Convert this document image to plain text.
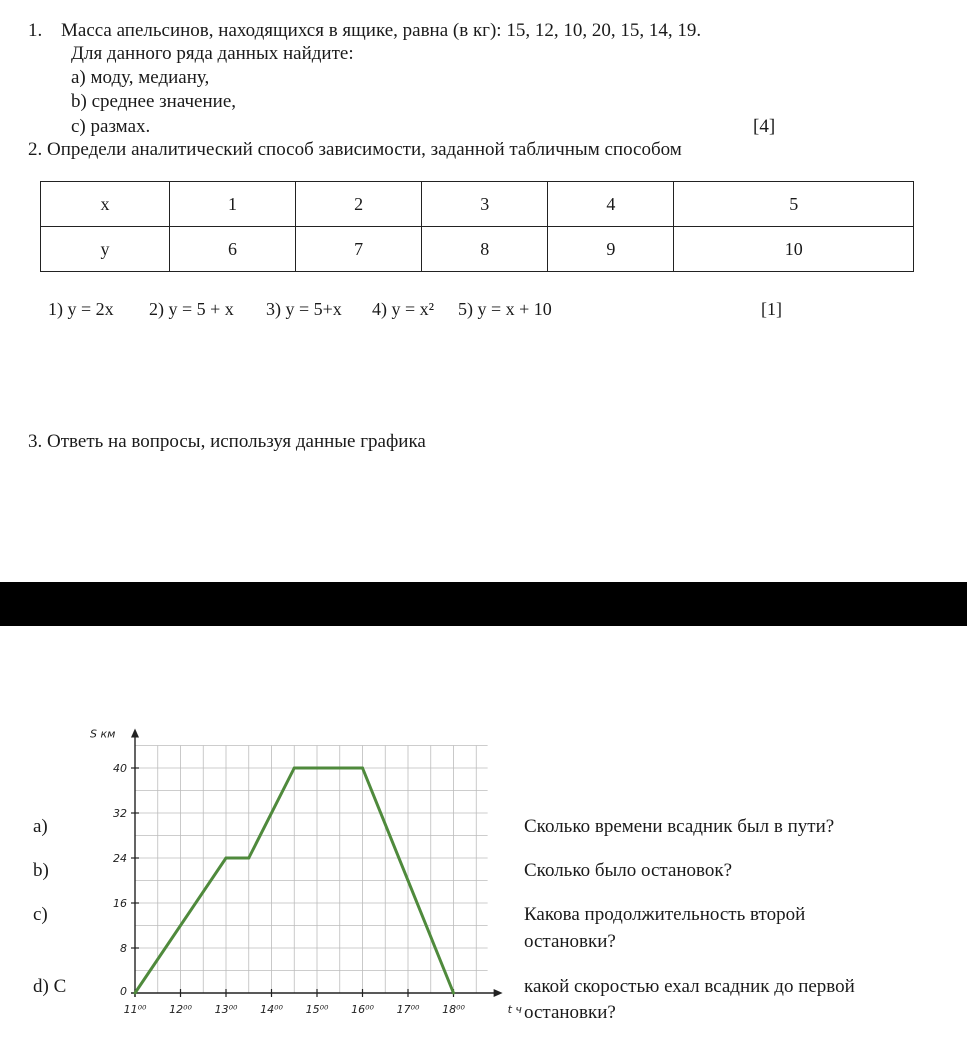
1. Масса апельсинов, находящихся в ящике, равна (в кг): 15, 12, 10, 20, 15, 14, 19.
Для данного ряда данных найдите:
а) моду, медиану,
b) среднее значение,
с) размах.	[4]
2. Определи аналитический способ зависимости, заданной табличным способом
x	1	2	3	4	5
y	6	7	8	9	10
1) у = 2х 2) у = 5 + х 3) у = 5+х 4) у = х² 5) у = х + 10	[1]
3. Ответь на вопросы, используя данные графика
0
8
16
24
32
40
11⁰⁰ 12⁰⁰ 13⁰⁰ 14⁰⁰ 15⁰⁰ 16⁰⁰ 17⁰⁰ 18⁰⁰
S км
t ч
a)
b)
c)
d) С
Сколько времени всадник был в пути?
Сколько было остановок?
Какова продолжительность второй
остановки?
какой скоростью ехал всадник до первой
остановки?
